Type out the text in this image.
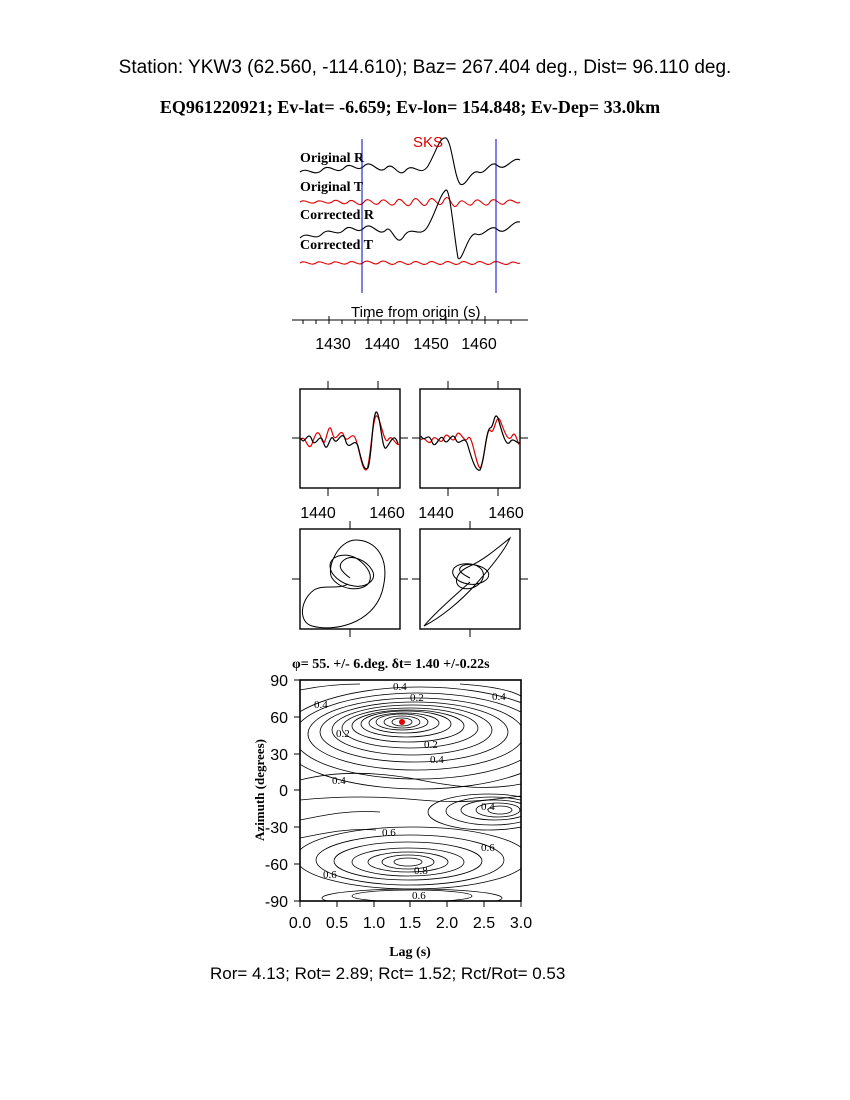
Station: YKW3 (62.560, -114.610); Baz= 267.404 deg., Dist= 96.110 deg.
EQ961220921; Ev-lat= -6.659; Ev-lon= 154.848; Ev-Dep= 33.0km
SKS
Original R
Original T
Corrected R
Corrected T
Time from origin (s)
1430 1440 1450 1460
1440 1460 1440 1460
φ= 55. +/- 6.deg. δt= 1.40 +/-0.22s
0.4
0.2
0.4
0.4
0.2
0.2
0.4
0.4
0.4
0.6
0.6
0.6	0.8
0.6
90
60
30
0
-30
-60
-90
0.0 0.5 1.0 1.5 2.0 2.5 3.0
Azimuth (degrees)
Lag (s)
Ror= 4.13; Rot= 2.89; Rct= 1.52; Rct/Rot= 0.53
